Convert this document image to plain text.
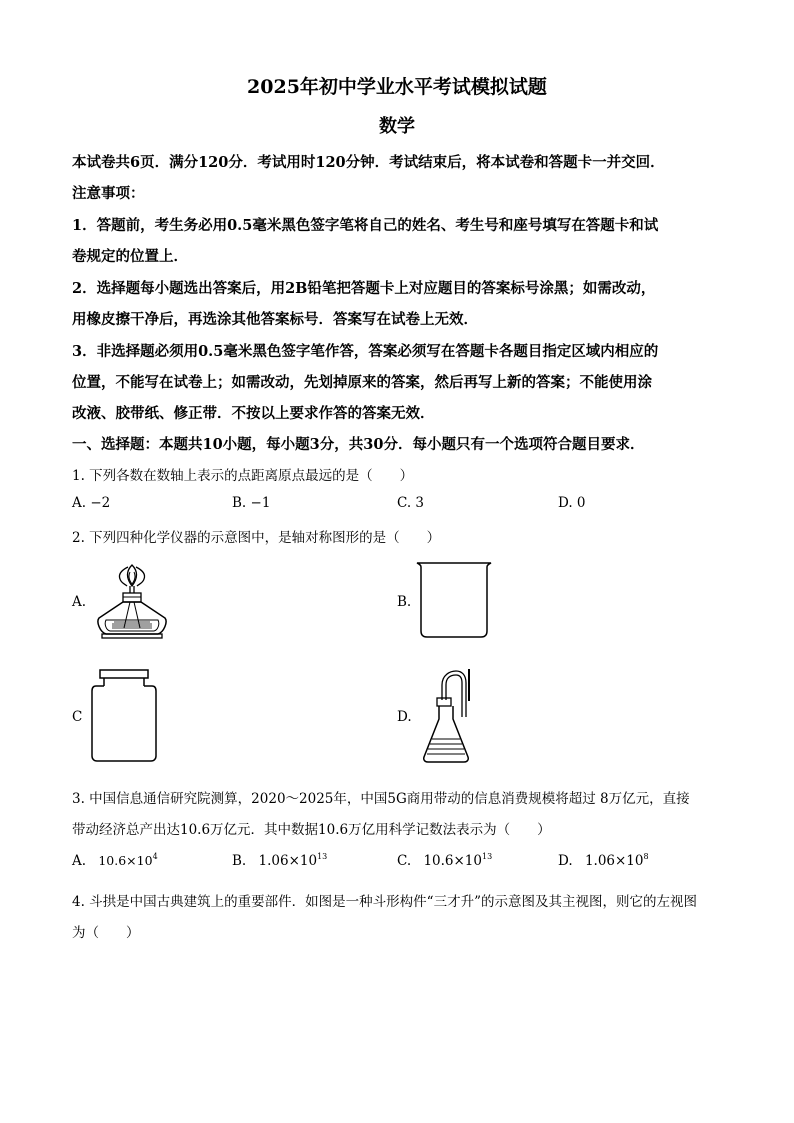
2025年初中学业水平考试模拟试题
数学
本试卷共6页．满分120分．考试用时120分钟．考试结束后，将本试卷和答题卡一并交回．
注意事项：
1．答题前，考生务必用0.5毫米黑色签字笔将自己的姓名、考生号和座号填写在答题卡和试
卷规定的位置上．
2．选择题每小题选出答案后，用2B铅笔把答题卡上对应题目的答案标号涂黑；如需改动，
用橡皮擦干净后，再选涂其他答案标号．答案写在试卷上无效．
3．非选择题必须用0.5毫米黑色签字笔作答，答案必须写在答题卡各题目指定区域内相应的
位置，不能写在试卷上；如需改动，先划掉原来的答案，然后再写上新的答案；不能使用涂
改液、胶带纸、修正带．不按以上要求作答的答案无效．
一、选择题：本题共10小题，每小题3分，共30分．每小题只有一个选项符合题目要求．
1. 下列各数在数轴上表示的点距离原点最远的是（　　）
A. −2	B. −1	C. 3	D. 0
2. 下列四种化学仪器的示意图中，是轴对称图形的是（　　）
A.	B.
C	D.
3. 中国信息通信研究院测算，2020～2025年，中国5G商用带动的信息消费规模将超过 8万亿元，直接
带动经济总产出达10.6万亿元．其中数据10.6万亿用科学记数法表示为（　　）
A. $10.6\times 10^4$	B. $1.06\times 10^{13}$	C. $10.6\times 10^{13}$	D. $1.06\times 10^8$
4. 斗拱是中国古典建筑上的重要部件．如图是一种斗形构件“三才升”的示意图及其主视图，则它的左视图
为（　　）
